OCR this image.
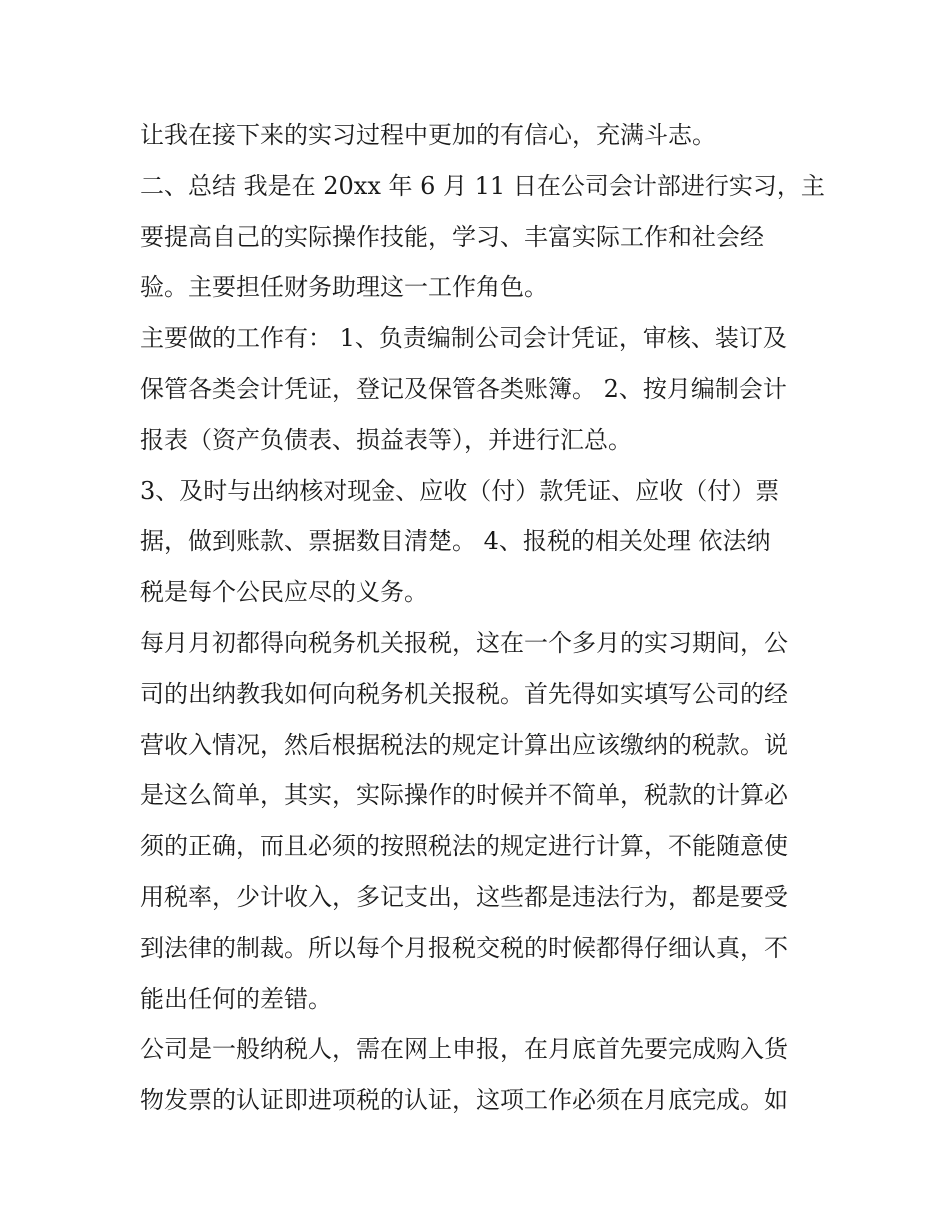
让我在接下来的实习过程中更加的有信心，充满斗志。
二、总结 我是在 20xx 年 6 月 11 日在公司会计部进行实习，主
要提高自己的实际操作技能，学习、丰富实际工作和社会经
验。主要担任财务助理这一工作角色。
主要做的工作有： 1、负责编制公司会计凭证，审核、装订及
保管各类会计凭证，登记及保管各类账簿。 2、按月编制会计
报表（资产负债表、损益表等），并进行汇总。
3、及时与出纳核对现金、应收（付）款凭证、应收（付）票
据，做到账款、票据数目清楚。 4、报税的相关处理 依法纳
税是每个公民应尽的义务。
每月月初都得向税务机关报税，这在一个多月的实习期间，公
司的出纳教我如何向税务机关报税。首先得如实填写公司的经
营收入情况，然后根据税法的规定计算出应该缴纳的税款。说
是这么简单，其实，实际操作的时候并不简单，税款的计算必
须的正确，而且必须的按照税法的规定进行计算，不能随意使
用税率，少计收入，多记支出，这些都是违法行为，都是要受
到法律的制裁。所以每个月报税交税的时候都得仔细认真，不
能出任何的差错。
公司是一般纳税人，需在网上申报，在月底首先要完成购入货
物发票的认证即进项税的认证，这项工作必须在月底完成。如
